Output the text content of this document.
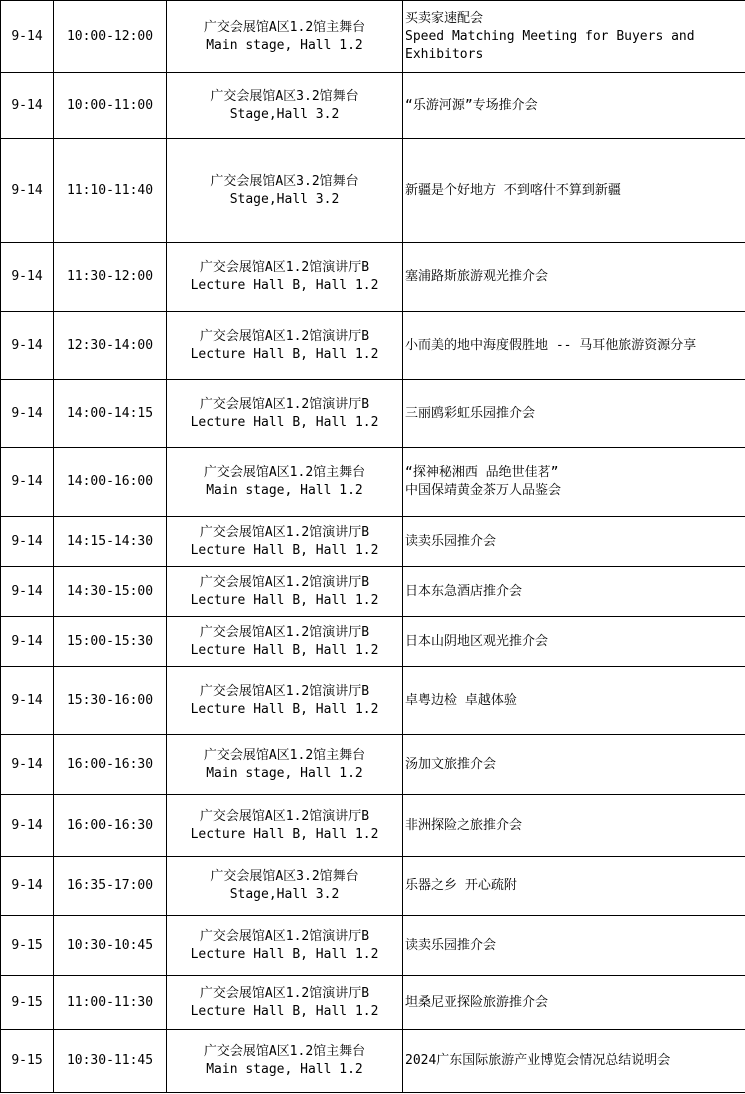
9-14	10:00-12:00	广交会展馆A区1.2馆主舞台
Main stage, Hall 1.2	买卖家速配会
Speed Matching Meeting for Buyers and
Exhibitors

9-14	10:00-11:00	广交会展馆A区3.2馆舞台
Stage,Hall 3.2	“乐游河源”专场推介会

9-14	11:10-11:40	广交会展馆A区3.2馆舞台
Stage,Hall 3.2	新疆是个好地方 不到喀什不算到新疆

9-14	11:30-12:00	广交会展馆A区1.2馆演讲厅B
Lecture Hall B, Hall 1.2	塞浦路斯旅游观光推介会

9-14	12:30-14:00	广交会展馆A区1.2馆演讲厅B
Lecture Hall B, Hall 1.2	小而美的地中海度假胜地 -- 马耳他旅游资源分享

9-14	14:00-14:15	广交会展馆A区1.2馆演讲厅B
Lecture Hall B, Hall 1.2	三丽鸥彩虹乐园推介会

9-14	14:00-16:00	广交会展馆A区1.2馆主舞台
Main stage, Hall 1.2	“探神秘湘西 品绝世佳茗”
中国保靖黄金茶万人品鉴会

9-14	14:15-14:30	广交会展馆A区1.2馆演讲厅B
Lecture Hall B, Hall 1.2	读卖乐园推介会

9-14	14:30-15:00	广交会展馆A区1.2馆演讲厅B
Lecture Hall B, Hall 1.2	日本东急酒店推介会

9-14	15:00-15:30	广交会展馆A区1.2馆演讲厅B
Lecture Hall B, Hall 1.2	日本山阴地区观光推介会

9-14	15:30-16:00	广交会展馆A区1.2馆演讲厅B
Lecture Hall B, Hall 1.2	卓粤边检 卓越体验

9-14	16:00-16:30	广交会展馆A区1.2馆主舞台
Main stage, Hall 1.2	汤加文旅推介会

9-14	16:00-16:30	广交会展馆A区1.2馆演讲厅B
Lecture Hall B, Hall 1.2	非洲探险之旅推介会

9-14	16:35-17:00	广交会展馆A区3.2馆舞台
Stage,Hall 3.2	乐器之乡 开心疏附

9-15	10:30-10:45	广交会展馆A区1.2馆演讲厅B
Lecture Hall B, Hall 1.2	读卖乐园推介会

9-15	11:00-11:30	广交会展馆A区1.2馆演讲厅B
Lecture Hall B, Hall 1.2	坦桑尼亚探险旅游推介会

9-15	10:30-11:45	广交会展馆A区1.2馆主舞台
Main stage, Hall 1.2	2024广东国际旅游产业博览会情况总结说明会
